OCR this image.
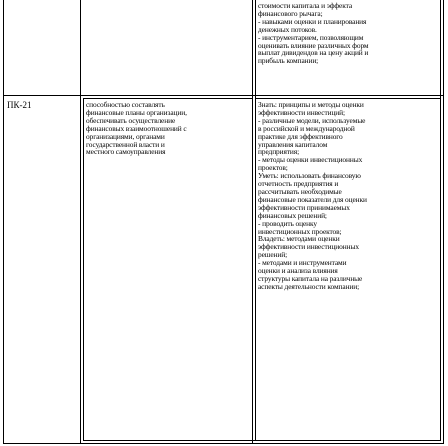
стоимости капитала и эффекта
финансового рычага;
- навыками оценки и планирования
денежных потоков.
- инструментарием, позволяющим
оценивать влияние различных форм
выплат дивидендов на цену акций и
прибыль компании;
ПК-21	способностью составлять
финансовые планы организации,
обеспечивать осуществление
финансовых взаимоотношений с
организациями, органами
государственной власти и
местного самоуправления
Знать: принципы и методы оценки
эффективности инвестиций;
- различные модели, используемые
в российской и международной
практике для эффективного
управления капиталом
предприятия;
- методы оценки инвестиционных
проектов;
Уметь: использовать финансовую
отчетность предприятия и
рассчитывать необходимые
финансовые показатели для оценки
эффективности принимаемых
финансовых решений;
- проводить оценку
инвестиционных проектов;
Владеть: методами оценки
эффективности инвестиционных
решений;
- методами и инструментами
оценки и анализа влияния
структуры капитала на различные
аспекты деятельности компании;
